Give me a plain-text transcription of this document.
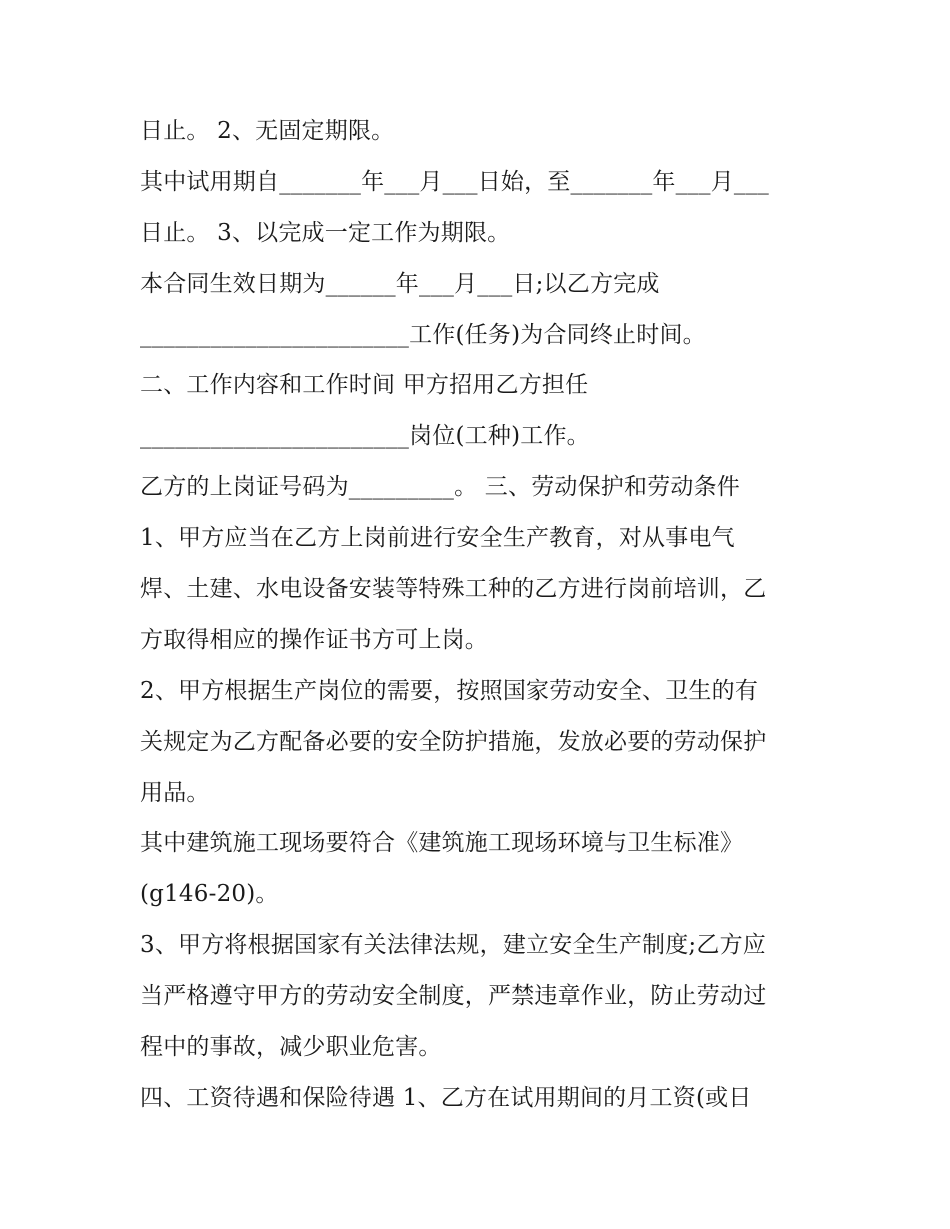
日止。 2、无固定期限。

其中试用期自_______年___月___日始，至_______年___月___

日止。 3、以完成一定工作为期限。

本合同生效日期为______年___月___日;以乙方完成

_______________________工作(任务)为合同终止时间。

二、工作内容和工作时间 甲方招用乙方担任

_______________________岗位(工种)工作。

乙方的上岗证号码为_________。 三、劳动保护和劳动条件

1、甲方应当在乙方上岗前进行安全生产教育，对从事电气

焊、土建、水电设备安装等特殊工种的乙方进行岗前培训，乙

方取得相应的操作证书方可上岗。

2、甲方根据生产岗位的需要，按照国家劳动安全、卫生的有

关规定为乙方配备必要的安全防护措施，发放必要的劳动保护

用品。

其中建筑施工现场要符合《建筑施工现场环境与卫生标准》

(g146-20)。

3、甲方将根据国家有关法律法规，建立安全生产制度;乙方应

当严格遵守甲方的劳动安全制度，严禁违章作业，防止劳动过

程中的事故，减少职业危害。

四、工资待遇和保险待遇 1、乙方在试用期间的月工资(或日
